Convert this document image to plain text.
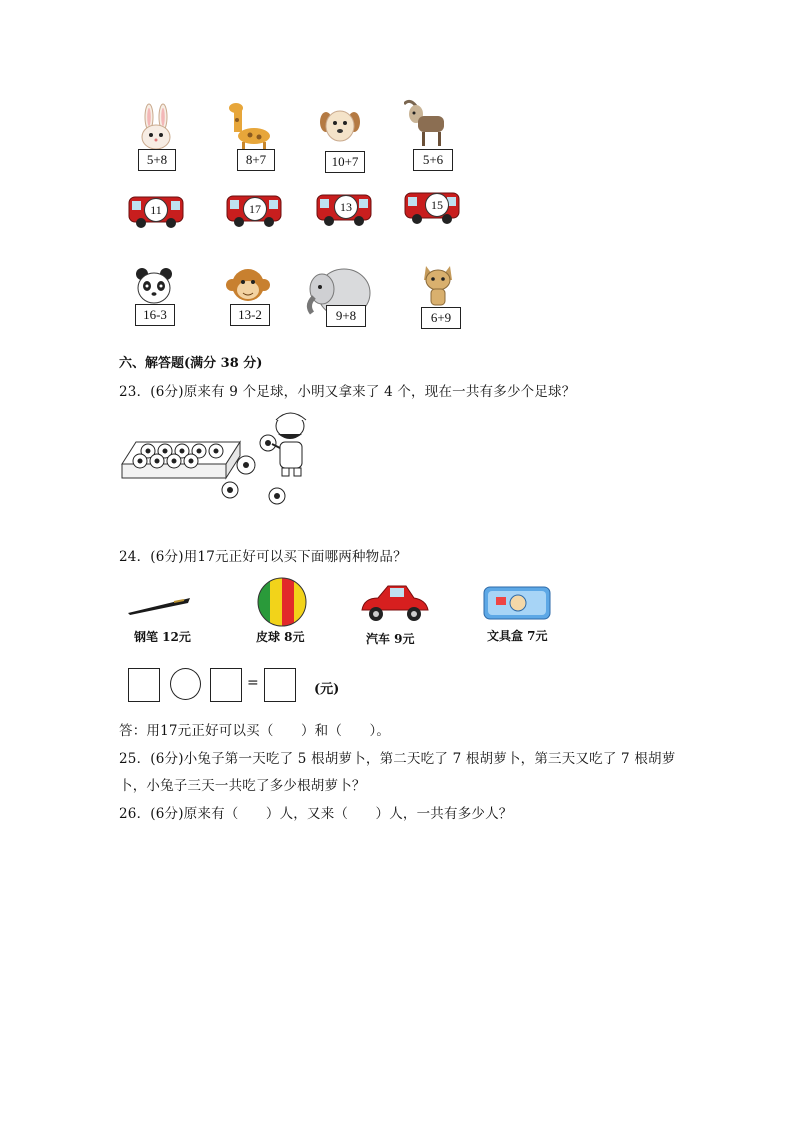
5+8	8+7	10+7	5+6
11	17	13	15
16-3	13-2	9+8	6+9
六、解答题(满分 38 分)
23．(6分)原来有 9 个足球，小明又拿来了 4 个，现在一共有多少个足球？
24．(6分)用17元正好可以买下面哪两种物品？
钢笔 12元	皮球 8元	汽车 9元	文具盒 7元
=	(元)
答：用17元正好可以买（　　）和（　　）。
25．(6分)小兔子第一天吃了 5 根胡萝卜，第二天吃了 7 根胡萝卜，第三天又吃了 7 根胡萝
卜，小兔子三天一共吃了多少根胡萝卜？
26．(6分)原来有（　　）人，又来（　　）人，一共有多少人？
